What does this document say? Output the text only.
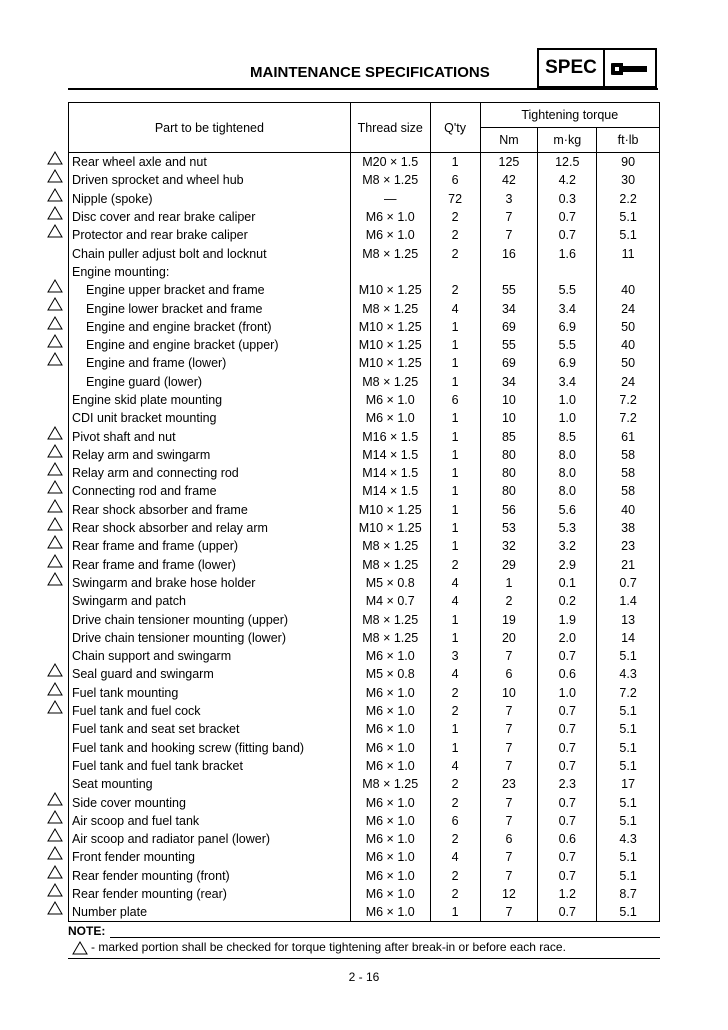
MAINTENANCE SPECIFICATIONS	SPEC
Part to be tightened	Thread size	Q'ty	Tightening torque		
			Nm	m·kg	ft·lb
Rear wheel axle and nut	M20 × 1.5	1	125	12.5	90
Driven sprocket and wheel hub	M8 × 1.25	6	42	4.2	30
Nipple (spoke)	—	72	3	0.3	2.2
Disc cover and rear brake caliper	M6 × 1.0	2	7	0.7	5.1
Protector and rear brake caliper	M6 × 1.0	2	7	0.7	5.1
Chain puller adjust bolt and locknut	M8 × 1.25	2	16	1.6	11
Engine mounting:					
Engine upper bracket and frame	M10 × 1.25	2	55	5.5	40
Engine lower bracket and frame	M8 × 1.25	4	34	3.4	24
Engine and engine bracket (front)	M10 × 1.25	1	69	6.9	50
Engine and engine bracket (upper)	M10 × 1.25	1	55	5.5	40
Engine and frame (lower)	M10 × 1.25	1	69	6.9	50
Engine guard (lower)	M8 × 1.25	1	34	3.4	24
Engine skid plate mounting	M6 × 1.0	6	10	1.0	7.2
CDI unit bracket mounting	M6 × 1.0	1	10	1.0	7.2
Pivot shaft and nut	M16 × 1.5	1	85	8.5	61
Relay arm and swingarm	M14 × 1.5	1	80	8.0	58
Relay arm and connecting rod	M14 × 1.5	1	80	8.0	58
Connecting rod and frame	M14 × 1.5	1	80	8.0	58
Rear shock absorber and frame	M10 × 1.25	1	56	5.6	40
Rear shock absorber and relay arm	M10 × 1.25	1	53	5.3	38
Rear frame and frame (upper)	M8 × 1.25	1	32	3.2	23
Rear frame and frame (lower)	M8 × 1.25	2	29	2.9	21
Swingarm and brake hose holder	M5 × 0.8	4	1	0.1	0.7
Swingarm and patch	M4 × 0.7	4	2	0.2	1.4
Drive chain tensioner mounting (upper)	M8 × 1.25	1	19	1.9	13
Drive chain tensioner mounting (lower)	M8 × 1.25	1	20	2.0	14
Chain support and swingarm	M6 × 1.0	3	7	0.7	5.1
Seal guard and swingarm	M5 × 0.8	4	6	0.6	4.3
Fuel tank mounting	M6 × 1.0	2	10	1.0	7.2
Fuel tank and fuel cock	M6 × 1.0	2	7	0.7	5.1
Fuel tank and seat set bracket	M6 × 1.0	1	7	0.7	5.1
Fuel tank and hooking screw (fitting band)	M6 × 1.0	1	7	0.7	5.1
Fuel tank and fuel tank bracket	M6 × 1.0	4	7	0.7	5.1
Seat mounting	M8 × 1.25	2	23	2.3	17
Side cover mounting	M6 × 1.0	2	7	0.7	5.1
Air scoop and fuel tank	M6 × 1.0	6	7	0.7	5.1
Air scoop and radiator panel (lower)	M6 × 1.0	2	6	0.6	4.3
Front fender mounting	M6 × 1.0	4	7	0.7	5.1
Rear fender mounting (front)	M6 × 1.0	2	7	0.7	5.1
Rear fender mounting (rear)	M6 × 1.0	2	12	1.2	8.7
Number plate	M6 × 1.0	1	7	0.7	5.1
NOTE:
- marked portion shall be checked for torque tightening after break-in or before each race.
2 - 16
